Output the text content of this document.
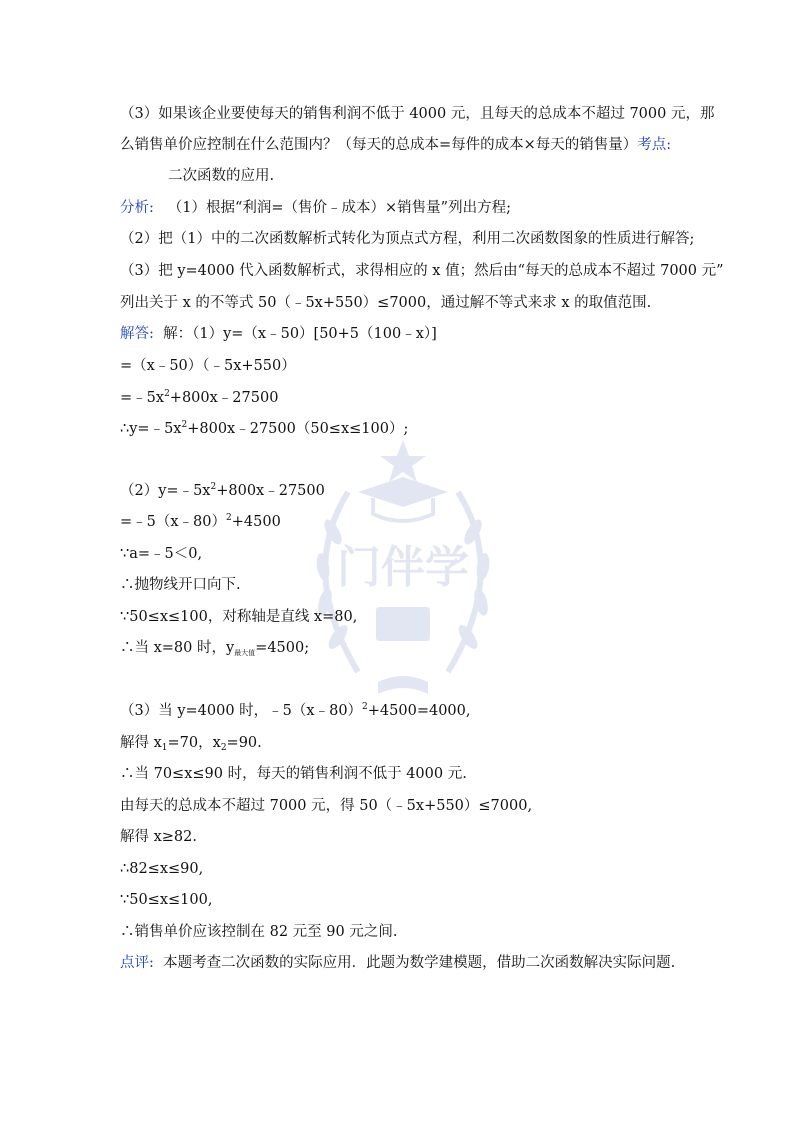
门伴学
（3）如果该企业要使每天的销售利润不低于 4000 元，且每天的总成本不超过 7000 元，那
么销售单价应控制在什么范围内？（每天的总成本=每件的成本×每天的销售量）考点:
二次函数的应用.
分析: （1）根据“利润=（售价﹣成本）×销售量”列出方程;
（2）把（1）中的二次函数解析式转化为顶点式方程，利用二次函数图象的性质进行解答;
（3）把 y=4000 代入函数解析式，求得相应的 x 值；然后由“每天的总成本不超过 7000 元”
列出关于 x 的不等式 50（﹣5x+550）≤7000，通过解不等式来求 x 的取值范围.
解答: 解：（1）y=（x﹣50）[50+5（100﹣x）]
=（x﹣50）（﹣5x+550）
$=﹣5x^2+800x﹣27500$
$\therefore y=﹣5x^2+800x﹣27500(50\le x\le 100)$;
$(2)y=﹣5x^2+800x﹣27500$
=﹣5（x﹣80）$^2$+4500
∵a=﹣5＜0,
∴抛物线开口向下.
∵50≤x≤100，对称轴是直线 x=80,
∴当 x=80 时，$y_{最大值}=4500$;
（3）当 y=4000 时，﹣5（x﹣80）$^2$+4500=4000,
解得 $x_1=70$，$x_2=90$.
∴当 70≤x≤90 时，每天的销售利润不低于 4000 元.
由每天的总成本不超过 7000 元，得 50（﹣5x+550）≤7000,
解得 x≥82.
∴82≤x≤90,
∵50≤x≤100,
∴销售单价应该控制在 82 元至 90 元之间.
点评: 本题考查二次函数的实际应用．此题为数学建模题，借助二次函数解决实际问题.
